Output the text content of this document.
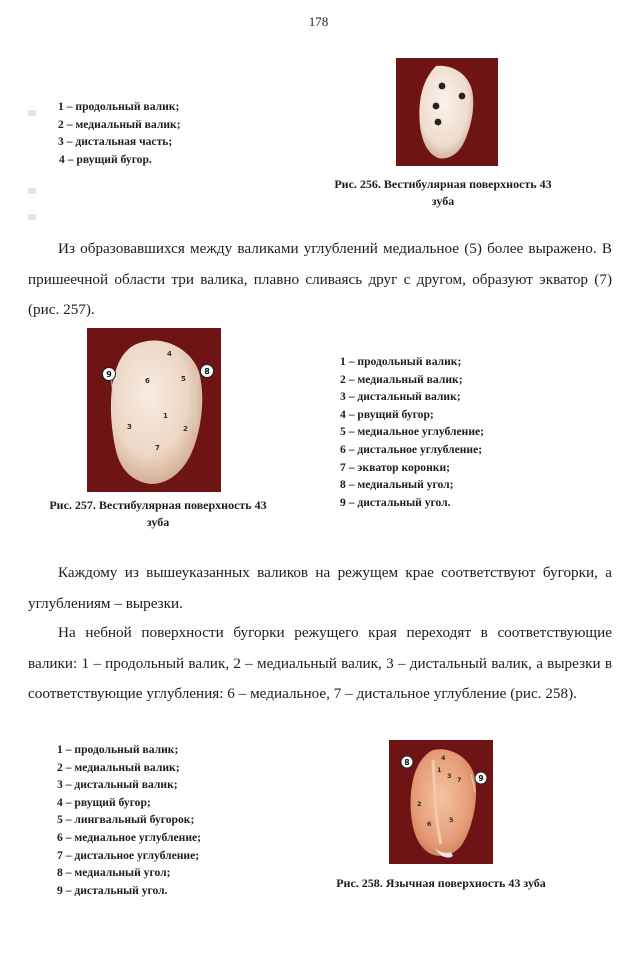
178
1 – продольный валик;
2 – медиальный валик;
3 – дистальная часть;
4 – рвущий бугор.
Рис. 256. Вестибулярная поверхность 43
зуба

Из образовавшихся между валиками углублений медиальное (5) более выражено. В пришеечной области три валика, плавно сливаясь друг с другом, образуют экватор (7) (рис. 257).

4
6	5
1
3	2
7
9	8
Рис. 257. Вестибулярная поверхность 43
зуба
1 – продольный валик;
2 – медиальный валик;
3 – дистальный валик;
4 – рвущий бугор;
5 – медиальное углубление;
6 – дистальное углубление;
7 – экватор коронки;
8 – медиальный угол;
9 – дистальный угол.

Каждому из вышеуказанных валиков на режущем крае соответствуют бугорки, а углублениям – вырезки.

На небной поверхности бугорки режущего края переходят в соответствующие валики: 1 – продольный валик, 2 – медиальный валик, 3 – дистальный валик, а вырезки в соответствующие углубления: 6 – медиальное, 7 – дистальное углубление (рис. 258).

1 – продольный валик;
2 – медиальный валик;
3 – дистальный валик;
4 – рвущий бугор;
5 – лингвальный бугорок;
6 – медиальное углубление;
7 – дистальное углубление;
8 – медиальный угол;
9 – дистальный угол.
4
1
3 7
2
6	5
8
9
Рис. 258. Язычная поверхность 43 зуба
